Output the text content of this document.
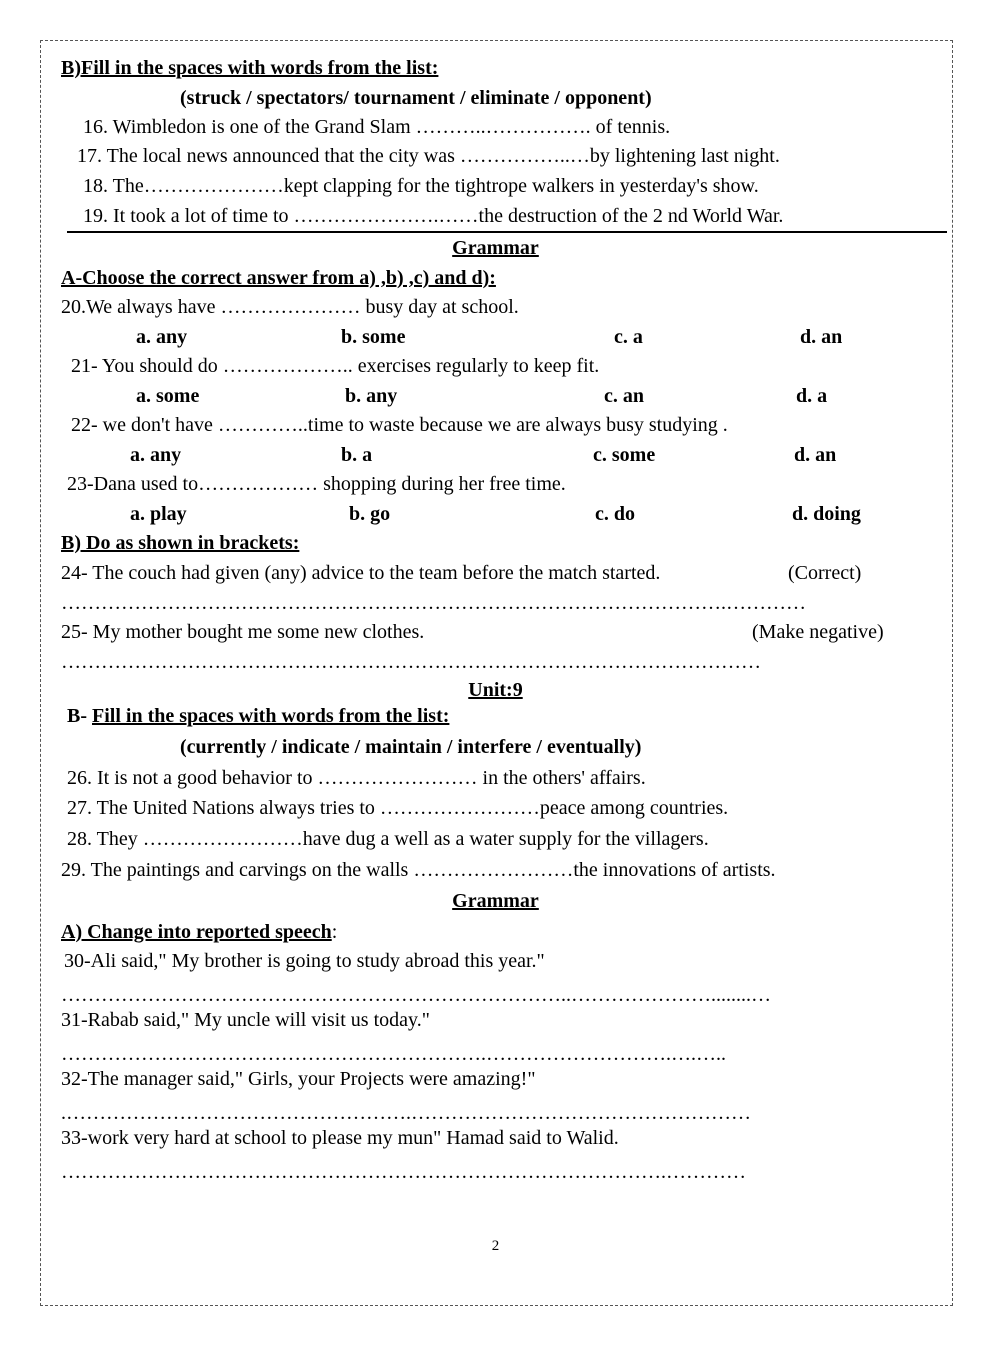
B)Fill in the spaces with words from the list:
(struck / spectators/ tournament / eliminate / opponent)
16. Wimbledon is one of the Grand Slam ………..……………. of tennis.
17. The local news announced that the city was ……………..…by lightening last night.
18. The…………………kept clapping for the tightrope walkers in yesterday's show.
19. It took a lot of time to ………………….……the destruction of the 2 nd World War.
Grammar
A-Choose the correct answer from a) ,b) ,c) and d):
20.We always have ………………… busy day at school.
a. any	b. some	c. a	d. an
21- You should do ……………….. exercises regularly to keep fit.
a. some	b. any	c. an	d. a
22- we don't have …………..time to waste because we are always busy studying .
a. any	b. a	c. some	d. an
23-Dana used to……………… shopping during her free time.
a. play	b. go	c. do	d. doing
B) Do as shown in brackets:
24- The couch had given (any) advice to the team before the match started.	(Correct)
……………………………………………………………………………………….…………
25- My mother bought me some new clothes.	(Make negative)
……………………………………………………………………………………………
Unit:9
B- Fill in the spaces with words from the list:
(currently / indicate / maintain / interfere / eventually)
26. It is not a good behavior to …………………… in the others' affairs.
27. The United Nations always tries to ……………………peace among countries.
28. They ……………………have dug a well as a water supply for the villagers.
29. The paintings and carvings on the walls ……………………the innovations of artists.
Grammar
A) Change into reported speech:
30-Ali said," My brother is going to study abroad this year."
…………………………………………………………………..…………………........…
31-Rabab said," My uncle will visit us today."
……………………………………………………….……………………….….…..
32-The manager said," Girls, your Projects were amazing!"
.…………………………………………….……………………………………………
33-work very hard at school to please my mun" Hamad said to Walid.
……………………………………………………………………………….…………
2
